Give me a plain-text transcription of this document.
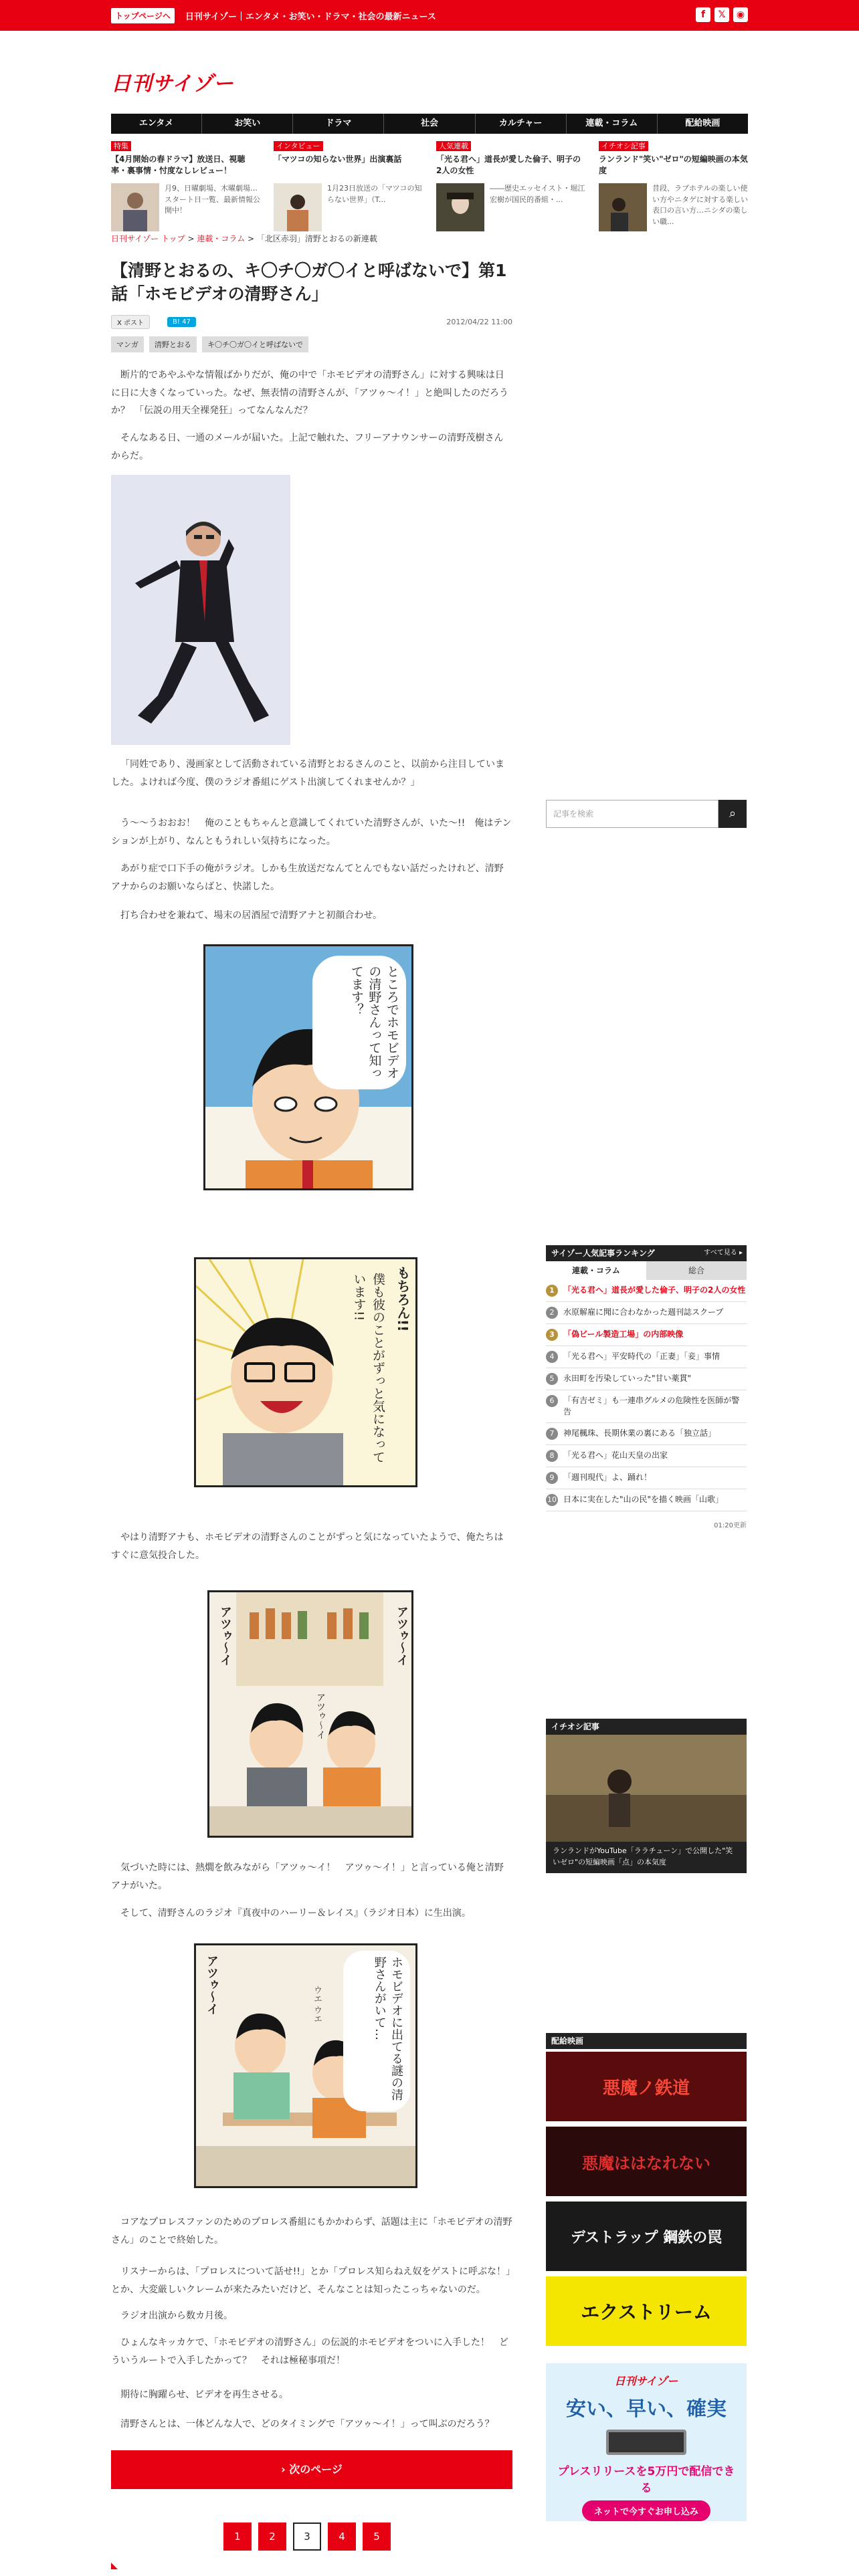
トップページへ	日刊サイゾー｜エンタメ・お笑い・ドラマ・社会の最新ニュース	f	𝕏	◉
日刊サイゾー
エンタメ	お笑い	ドラマ	社会	カルチャー	連載・コラム	配給映画
特集
【4月開始の春ドラマ】放送日、視聴率・裏事情・忖度なしレビュー！
月9、日曜劇場、木曜劇場…スタート日一覧、最新情報公開中！
インタビュー
「マツコの知らない世界」出演裏話
1月23日放送の「マツコの知らない世界」（T...
人気連載
「光る君へ」道長が愛した倫子、明子の2人の女性
――歴史エッセイスト・堀江宏樹が国民的番組・...
イチオシ記事
ランランド"笑い"ゼロ"の短編映画の本気度
昔段、ラブホテルの楽しい使い方やニタゲに対する楽しい表口の言い方…ニシダの楽しい職...
日刊サイゾー トップ > 連載・コラム > 「北区赤羽」清野とおるの新連載
【清野とおるの、キ〇チ〇ガ〇イと呼ばないで】第1話「ホモビデオの清野さん」
X ポスト	B! 47	2012/04/22 11:00
マンガ	清野とおる	キ〇チ〇ガ〇イと呼ばないで

断片的であやふやな情報ばかりだが、俺の中で「ホモビデオの清野さん」に対する興味は日に日に大きくなっていった。なぜ、無表情の清野さんが、「アツゥ〜イ！」と絶叫したのだろうか？　「伝説の用天全裸発狂」ってなんなんだ？

そんなある日、一通のメールが届いた。上記で触れた、フリーアナウンサーの清野茂樹さんからだ。

「同姓であり、漫画家として活動されている清野とおるさんのこと、以前から注目していました。よければ今度、僕のラジオ番組にゲスト出演してくれませんか？」

う〜〜うおおお！　俺のこともちゃんと意識してくれていた清野さんが、いた〜!!　俺はテンションが上がり、なんともうれしい気持ちになった。

あがり症で口下手の俺がラジオ。しかも生放送だなんてとんでもない話だったけれど、清野アナからのお願いならばと、快諾した。

打ち合わせを兼ねて、場末の居酒屋で清野アナと初顔合わせ。

ところでホモビデオの清野さんって知ってます？
もちろん!!
僕も彼のことがずっと気になっています!!

やはり清野アナも、ホモビデオの清野さんのことがずっと気になっていたようで、俺たちはすぐに意気投合した。

アツゥ〜イ
アツゥ〜イ
アツゥ〜イ

気づいた時には、熱燗を飲みながら「アツゥ〜イ！　アツゥ〜イ！」と言っている俺と清野アナがいた。

そして、清野さんのラジオ『真夜中のハーリー＆レイス』（ラジオ日本）に生出演。

アツゥ〜イ	ホモビデオに出てる謎の清野さんがいて…
ウエ ウエ

コアなプロレスファンのためのプロレス番組にもかかわらず、話題は主に「ホモビデオの清野さん」のことで終始した。

リスナーからは、「プロレスについて話せ!!」とか「プロレス知らねえ奴をゲストに呼ぶな！」とか、大変厳しいクレームが来たみたいだけど、そんなことは知ったこっちゃないのだ。

ラジオ出演から数カ月後。

ひょんなキッカケで、「ホモビデオの清野さん」の伝説的ホモビデオをついに入手した！　どういうルートで入手したかって？　それは極秘事項だ！

期待に胸躍らせ、ビデオを再生させる。

清野さんとは、一体どんな人で、どのタイミングで「アツゥ〜イ！」って叫ぶのだろう？

› 次のページ
1	2	3	4	5
記事を検索	⌕
サイゾー人気記事ランキング	すべて見る ▸
連載・コラム	総合
1	「光る君へ」道長が愛した倫子、明子の2人の女性
2	水原解雇に聞に合わなかった週刊誌スクープ
3	「偽ビール製造工場」の内部映像
4	「光る君へ」平安時代の「正妻」「妾」事情
5	永田町を汚染していった"甘い薬貫"
6	「有吉ゼミ」も一連串グルメの危険性を医師が警告
7	神尾楓珠、長期休業の裏にある「独立話」
8	「光る君へ」花山天皇の出家
9	「週刊現代」よ、踊れ！
10 日本に実在した"山の民"を描く映画「山歌」
01:20更新
イチオシ記事
ランランドがYouTube「ララチューン」で公開した"笑いゼロ"の短編映画「点」の本気度
配給映画
悪魔ノ鉄道
悪魔ははなれない
デストラップ 鋼鉄の罠
エクストリーム
日刊サイゾー
安い、早い、確実
プレスリリースを5万円で配信できる
ネットで今すぐお申し込み
